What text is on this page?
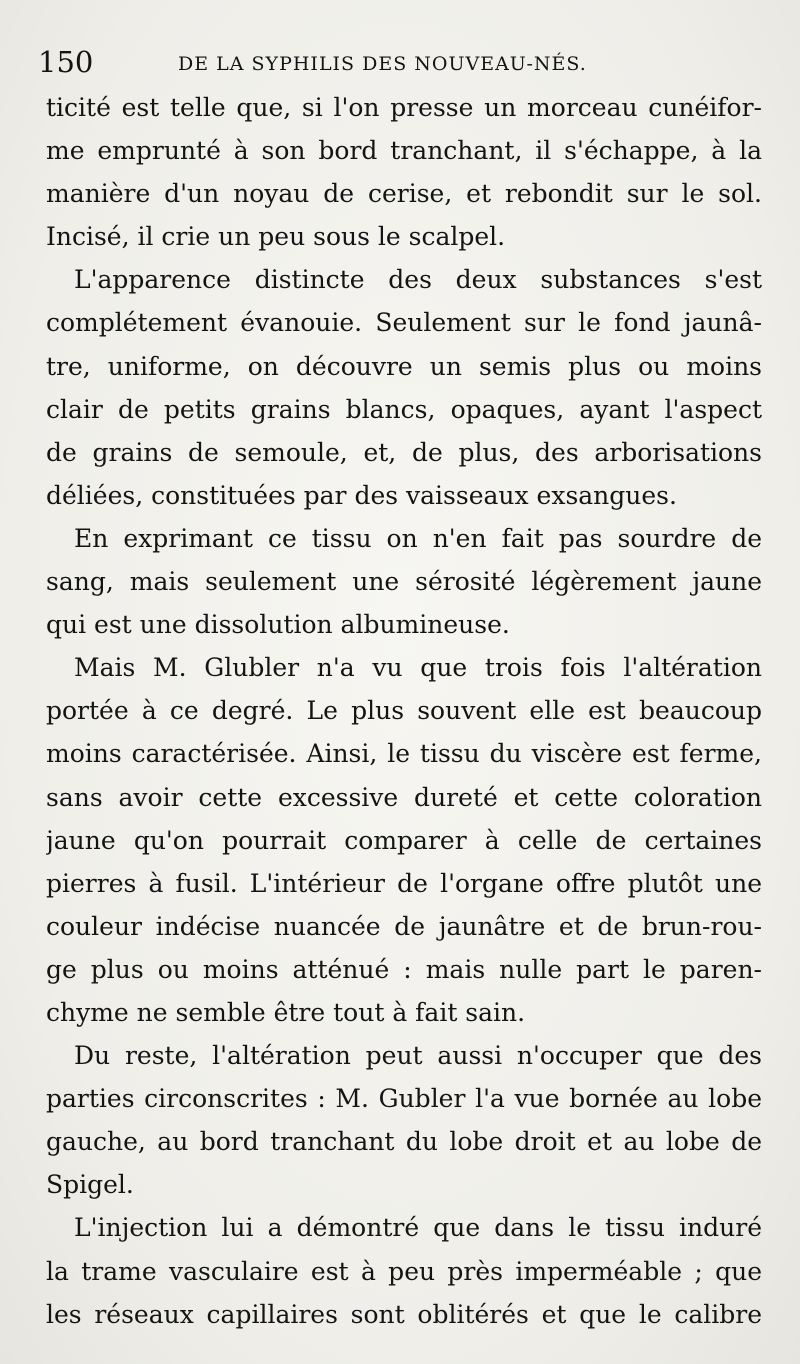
150	DE LA SYPHILIS DES NOUVEAU-NÉS.
ticité est telle que, si l'on presse un morceau cunéifor-
me emprunté à son bord tranchant, il s'échappe, à la
manière d'un noyau de cerise, et rebondit sur le sol.
Incisé, il crie un peu sous le scalpel.
L'apparence distincte des deux substances s'est
complétement évanouie. Seulement sur le fond jaunâ-
tre, uniforme, on découvre un semis plus ou moins
clair de petits grains blancs, opaques, ayant l'aspect
de grains de semoule, et, de plus, des arborisations
déliées, constituées par des vaisseaux exsangues.
En exprimant ce tissu on n'en fait pas sourdre de
sang, mais seulement une sérosité légèrement jaune
qui est une dissolution albumineuse.
Mais M. Glubler n'a vu que trois fois l'altération
portée à ce degré. Le plus souvent elle est beaucoup
moins caractérisée. Ainsi, le tissu du viscère est ferme,
sans avoir cette excessive dureté et cette coloration
jaune qu'on pourrait comparer à celle de certaines
pierres à fusil. L'intérieur de l'organe offre plutôt une
couleur indécise nuancée de jaunâtre et de brun-rou-
ge plus ou moins atténué : mais nulle part le paren-
chyme ne semble être tout à fait sain.
Du reste, l'altération peut aussi n'occuper que des
parties circonscrites : M. Gubler l'a vue bornée au lobe
gauche, au bord tranchant du lobe droit et au lobe de
Spigel.
L'injection lui a démontré que dans le tissu induré
la trame vasculaire est à peu près imperméable ; que
les réseaux capillaires sont oblitérés et que le calibre
